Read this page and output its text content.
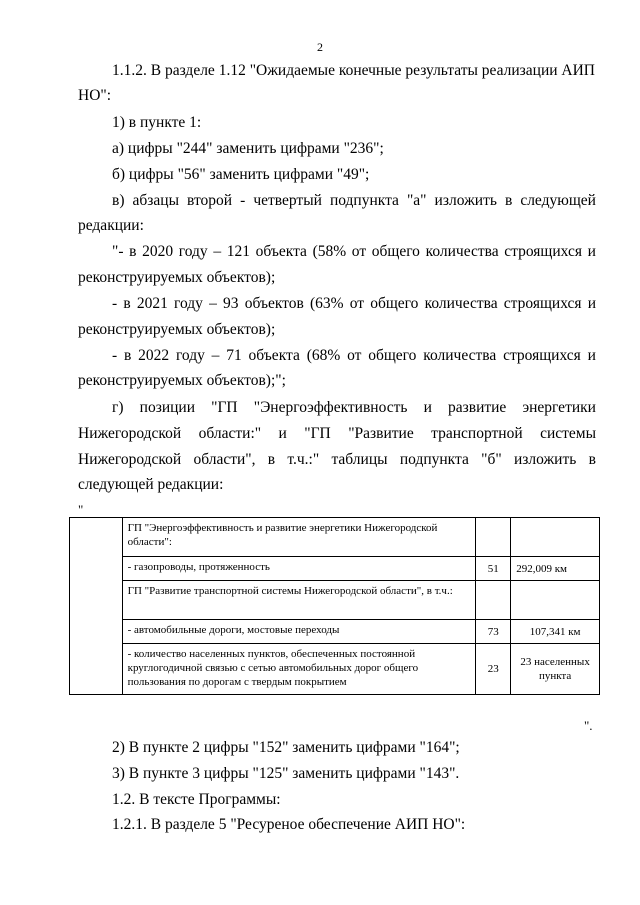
2
1.1.2. В разделе 1.12 "Ожидаемые конечные результаты реализации АИП
НО":
1) в пункте 1:
а) цифры "244" заменить цифрами "236";
б) цифры "56" заменить цифрами "49";
в) абзацы второй - четвертый подпункта "а" изложить в следующей
редакции:
"- в 2020 году – 121 объекта (58% от общего количества строящихся и
реконструируемых объектов);
- в 2021 году – 93 объектов (63% от общего количества строящихся и
реконструируемых объектов);
- в 2022 году – 71 объекта (68% от общего количества строящихся и
реконструируемых объектов);";
г) позиции "ГП "Энергоэффективность и развитие энергетики
Нижегородской области:" и "ГП "Развитие транспортной системы
Нижегородской области", в т.ч.:" таблицы подпункта "б" изложить в
следующей редакции:
"
	ГП "Энергоэффективность и развитие энергетики Нижегородской области":		
	- газопроводы, протяженность	51	292,009 км
	ГП "Развитие транспортной системы Нижегородской области", в т.ч.:		
	- автомобильные дороги, мостовые переходы	73	107,341 км
	- количество населенных пунктов, обеспеченных постоянной круглогодичной связью с сетью автомобильных дорог общего пользования по дорогам с твердым покрытием	23	23 населенных пункта
".
2) В пункте 2 цифры "152" заменить цифрами "164";
3) В пункте 3 цифры "125" заменить цифрами "143".
1.2. В тексте Программы:
1.2.1. В разделе 5 "Ресуреное обеспечение АИП НО":
